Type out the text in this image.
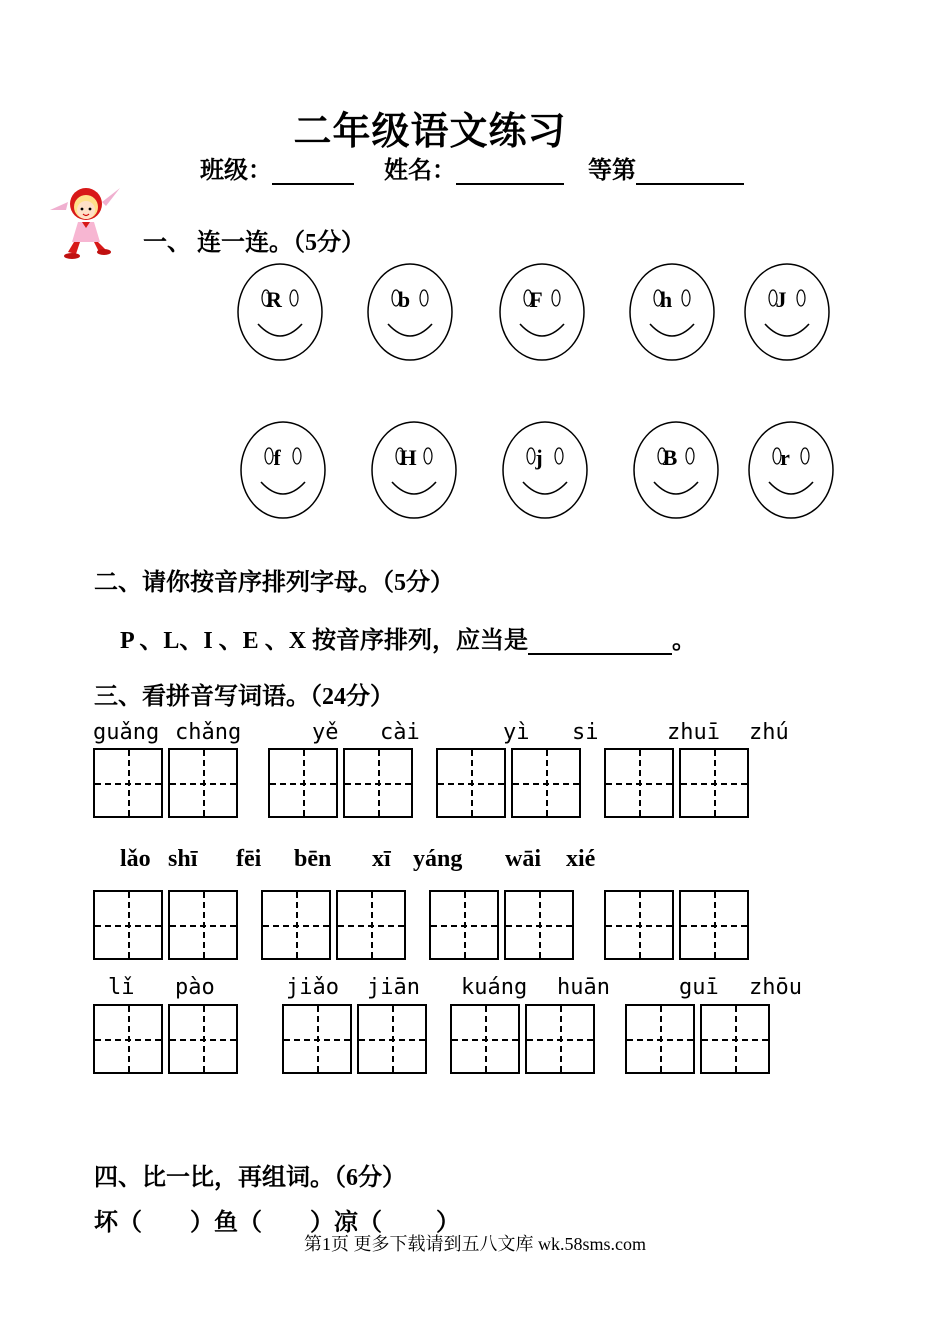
二年级语文练习
班级：	姓名：	等第
一、 连一连。（5分）
R	b	F	h	J
f	H	j	B	r
二、请你按音序排列字母。（5分）
P 、L、I 、E 、X 按音序排列，应当是	。
三、看拼音写词语。（24分）
guǎng chǎng	yě cài	yì si	zhuī zhú
lǎo shī fēi bēn xī yáng wāi xié
lǐ pào	jiǎo jiān kuáng huān	guī zhōu
四、比一比，再组词。（6分）
坏（ ）鱼（ ）凉（ ）
第1页 更多下载请到五八文库 wk.58sms.com
